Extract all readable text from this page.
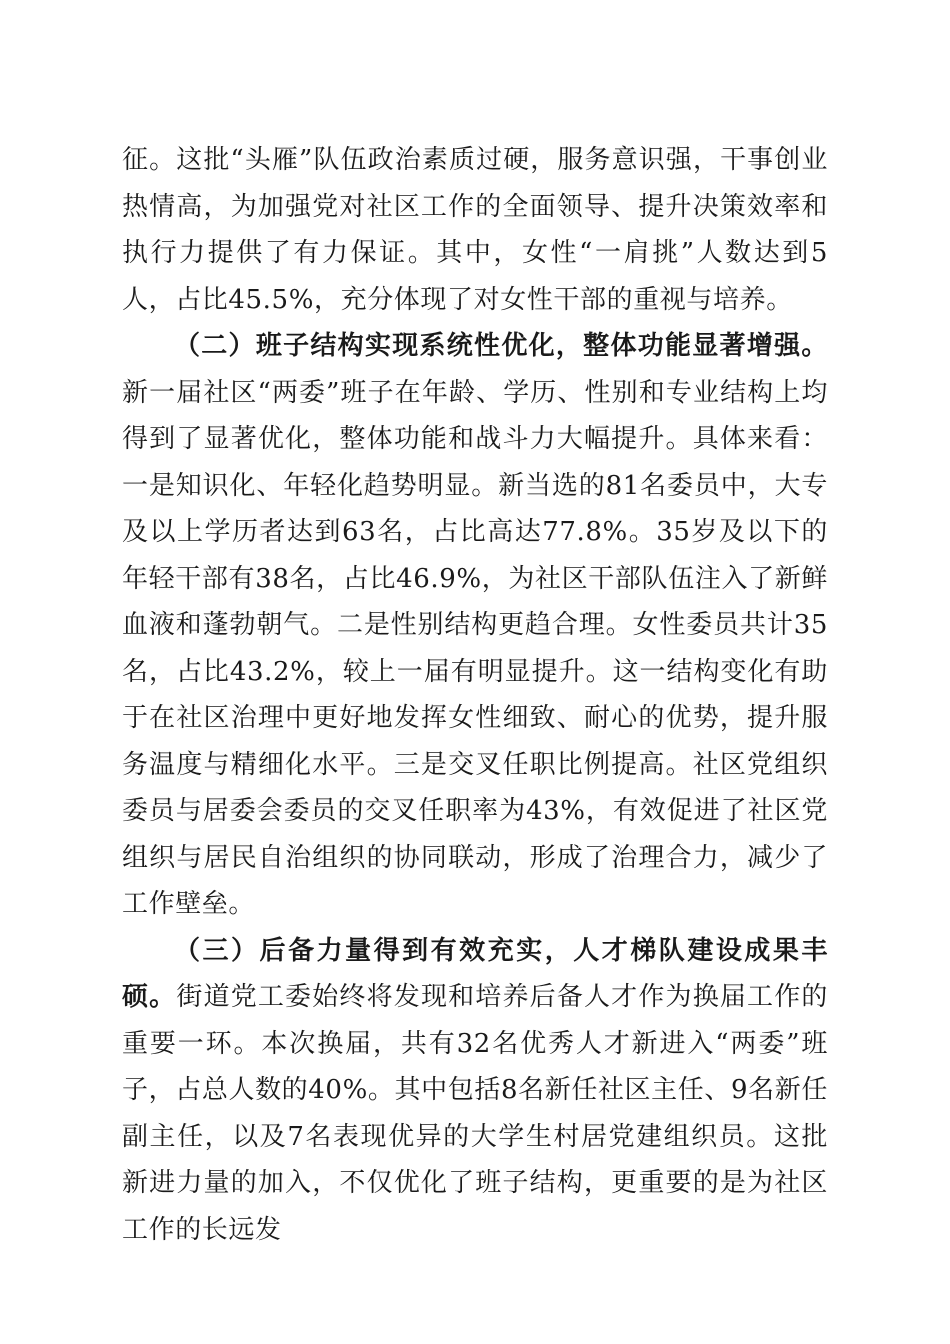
征。这批“头雁”队伍政治素质过硬，服务意识强，干事创业热情高，为加强党对社区工作的全面领导、提升决策效率和执行力提供了有力保证。其中，女性“一肩挑”人数达到5人，占比45.5%，充分体现了对女性干部的重视与培养。

（二）班子结构实现系统性优化，整体功能显著增强。新一届社区“两委”班子在年龄、学历、性别和专业结构上均得到了显著优化，整体功能和战斗力大幅提升。具体来看：一是知识化、年轻化趋势明显。新当选的81名委员中，大专及以上学历者达到63名，占比高达77.8%。35岁及以下的年轻干部有38名，占比46.9%，为社区干部队伍注入了新鲜血液和蓬勃朝气。二是性别结构更趋合理。女性委员共计35名，占比43.2%，较上一届有明显提升。这一结构变化有助于在社区治理中更好地发挥女性细致、耐心的优势，提升服务温度与精细化水平。三是交叉任职比例提高。社区党组织委员与居委会委员的交叉任职率为43%，有效促进了社区党组织与居民自治组织的协同联动，形成了治理合力，减少了工作壁垒。

（三）后备力量得到有效充实，人才梯队建设成果丰硕。街道党工委始终将发现和培养后备人才作为换届工作的重要一环。本次换届，共有32名优秀人才新进入“两委”班子，占总人数的40%。其中包括8名新任社区主任、9名新任副主任，以及7名表现优异的大学生村居党建组织员。这批新进力量的加入，不仅优化了班子结构，更重要的是为社区工作的长远发
